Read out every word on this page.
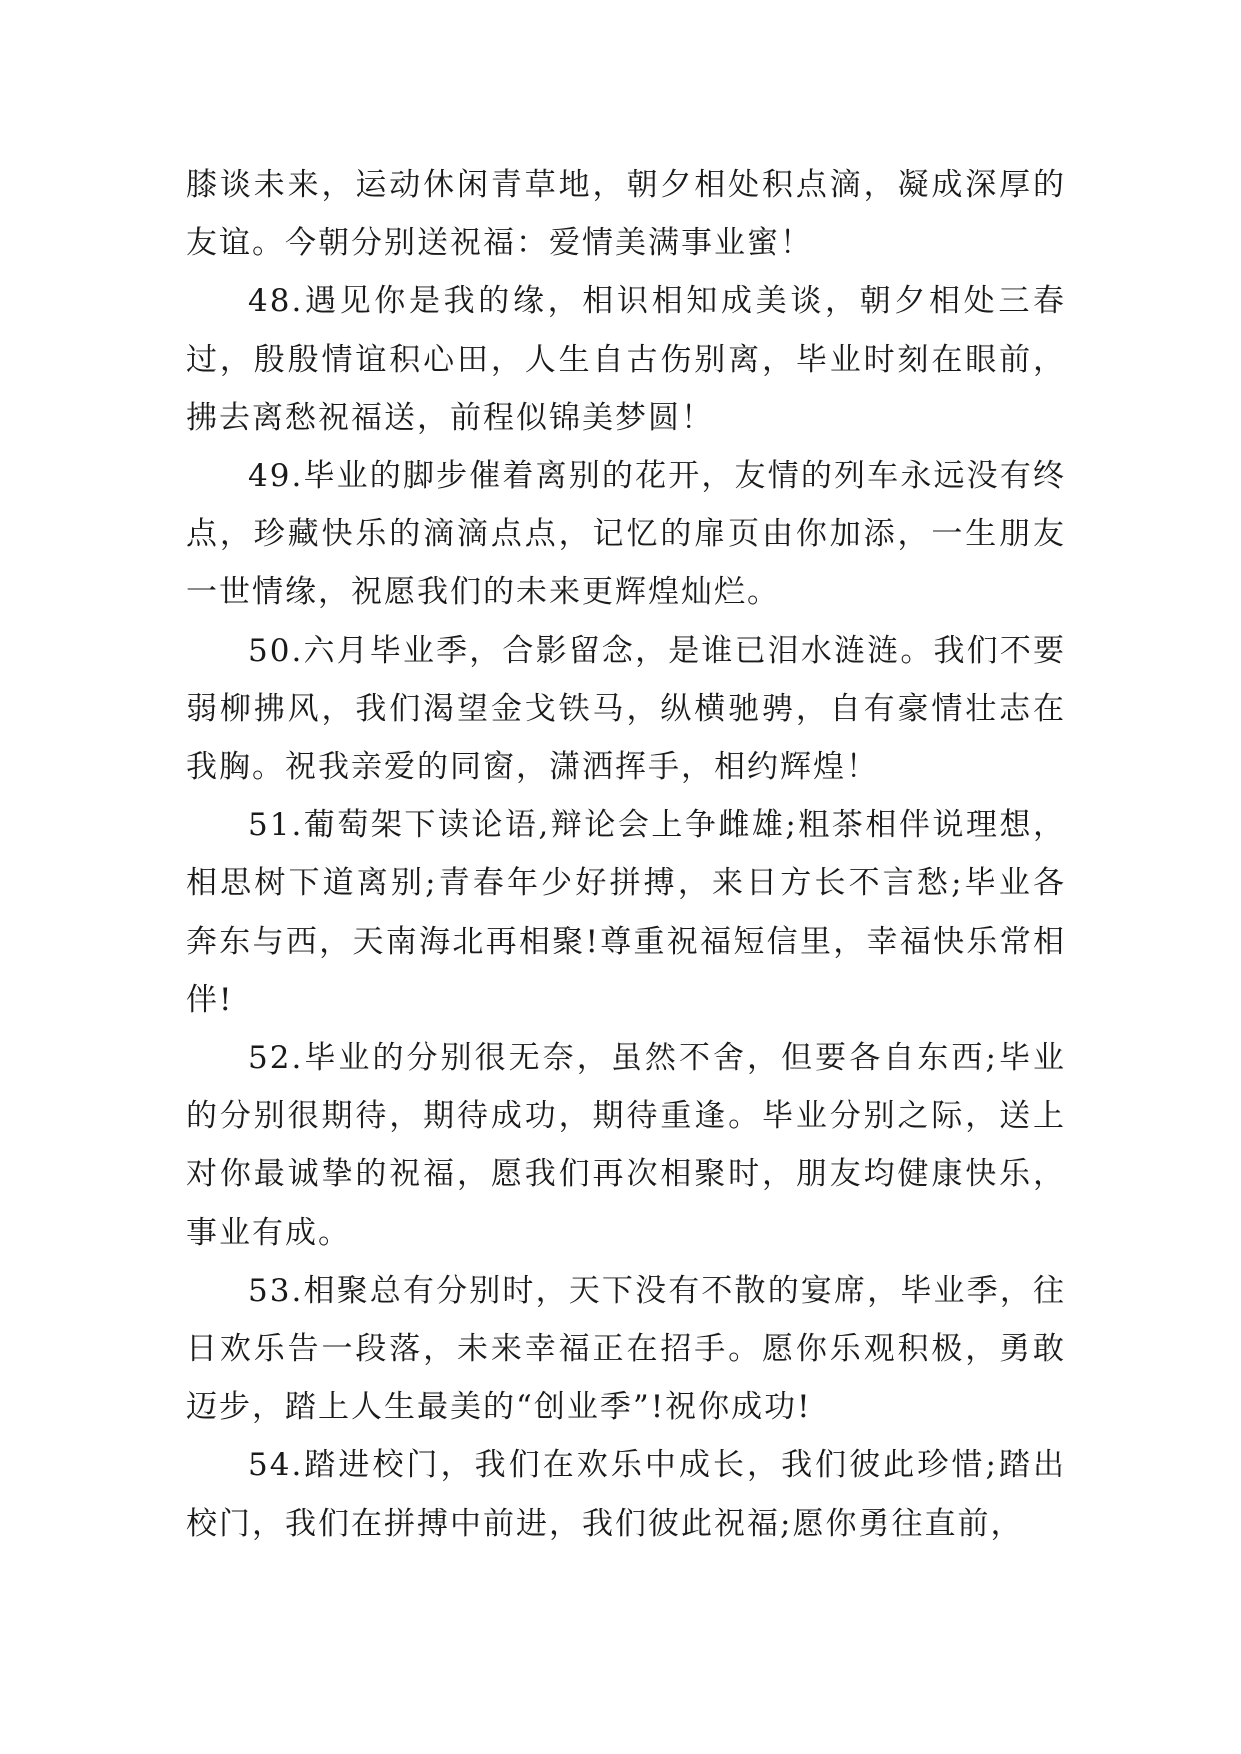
膝谈未来，运动休闲青草地，朝夕相处积点滴，凝成深厚的友谊。今朝分别送祝福：爱情美满事业蜜！

48.遇见你是我的缘，相识相知成美谈，朝夕相处三春过，殷殷情谊积心田，人生自古伤别离，毕业时刻在眼前，拂去离愁祝福送，前程似锦美梦圆！

49.毕业的脚步催着离别的花开，友情的列车永远没有终点，珍藏快乐的滴滴点点，记忆的扉页由你加添，一生朋友一世情缘，祝愿我们的未来更辉煌灿烂。

50.六月毕业季，合影留念，是谁已泪水涟涟。我们不要弱柳拂风，我们渴望金戈铁马，纵横驰骋，自有豪情壮志在我胸。祝我亲爱的同窗，潇洒挥手，相约辉煌！

51.葡萄架下读论语,辩论会上争雌雄;粗茶相伴说理想，相思树下道离别;青春年少好拼搏，来日方长不言愁;毕业各奔东与西，天南海北再相聚!尊重祝福短信里，幸福快乐常相伴!

52.毕业的分别很无奈，虽然不舍，但要各自东西;毕业的分别很期待，期待成功，期待重逢。毕业分别之际，送上对你最诚挚的祝福，愿我们再次相聚时，朋友均健康快乐，事业有成。

53.相聚总有分别时，天下没有不散的宴席，毕业季，往日欢乐告一段落，未来幸福正在招手。愿你乐观积极，勇敢迈步，踏上人生最美的“创业季”!祝你成功!

54.踏进校门，我们在欢乐中成长，我们彼此珍惜;踏出校门，我们在拼搏中前进，我们彼此祝福;愿你勇往直前，
